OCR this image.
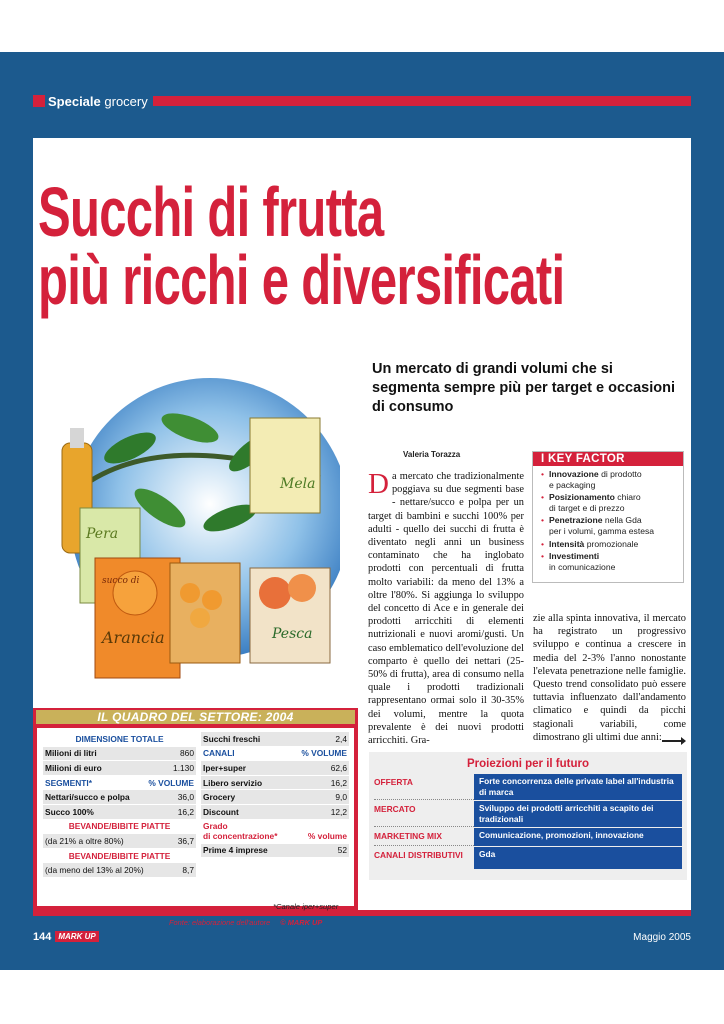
Speciale grocery
Succhi di frutta
più ricchi e diversificati
Un mercato di grandi volumi che si segmenta sempre più per target e occasioni di consumo
Pera
Mela
succo di
Arancia	Pesca
Valeria Torazza	I KEY FACTOR
• Innovazione di prodotto
e packaging
• Posizionamento chiaro
di target e di prezzo
• Penetrazione nella Gda
per i volumi, gamma estesa
• Intensità promozionale
• Investimenti
in comunicazione
Da mercato che tradizionalmente poggiava su due segmenti base - nettare/succo e polpa per un target di bambini e succhi 100% per adulti - quello dei succhi di frutta è diventato negli anni un business contaminato che ha inglobato prodotti con percentuali di frutta molto variabili: da meno del 13% a oltre l'80%. Si aggiunga lo sviluppo del concetto di Ace e in generale dei prodotti arricchiti di elementi nutrizionali e nuovi aromi/gusti. Un caso emblematico dell'evoluzione del comparto è quello dei nettari (25-50% di frutta), area di consumo nella quale i prodotti tradizionali rappresentano ormai solo il 30-35% dei volumi, mentre la quota prevalente è dei nuovi prodotti arricchiti. Gra-
zie alla spinta innovativa, il mercato ha registrato un progressivo sviluppo e continua a crescere in media del 2-3% l'anno nonostante l'elevata penetrazione nelle famiglie. Questo trend consolidato può essere tuttavia influenzato dall'andamento climatico e quindi da picchi stagionali variabili, come dimostrano gli ultimi due anni:
IL QUADRO DEL SETTORE: 2004
DIMENSIONE TOTALE
Milioni di litri	860
Milioni di euro	1.130
SEGMENTI*	% VOLUME
Nettari/succo e polpa	36,0
Succo 100%	16,2
BEVANDE/BIBITE PIATTE
(da 21% a oltre 80%)	36,7
BEVANDE/BIBITE PIATTE
(da meno del 13% al 20%)	8,7
Succhi freschi	2,4
CANALI	% VOLUME
Iper+super	62,6
Libero servizio	16,2
Grocery	9,0
Discount	12,2
Grado
di concentrazione*	% volume
Prime 4 imprese	52
*Canale iper+super
Fonte: elaborazione dell'autore © MARK UP
Proiezioni per il futuro
OFFERTA	Forte concorrenza delle private label all'industria di marca
MERCATO	Sviluppo dei prodotti arricchiti a scapito dei tradizionali
MARKETING MIX	Comunicazione, promozioni, innovazione
CANALI DISTRIBUTIVI	Gda
144 MARK UP	Maggio 2005
